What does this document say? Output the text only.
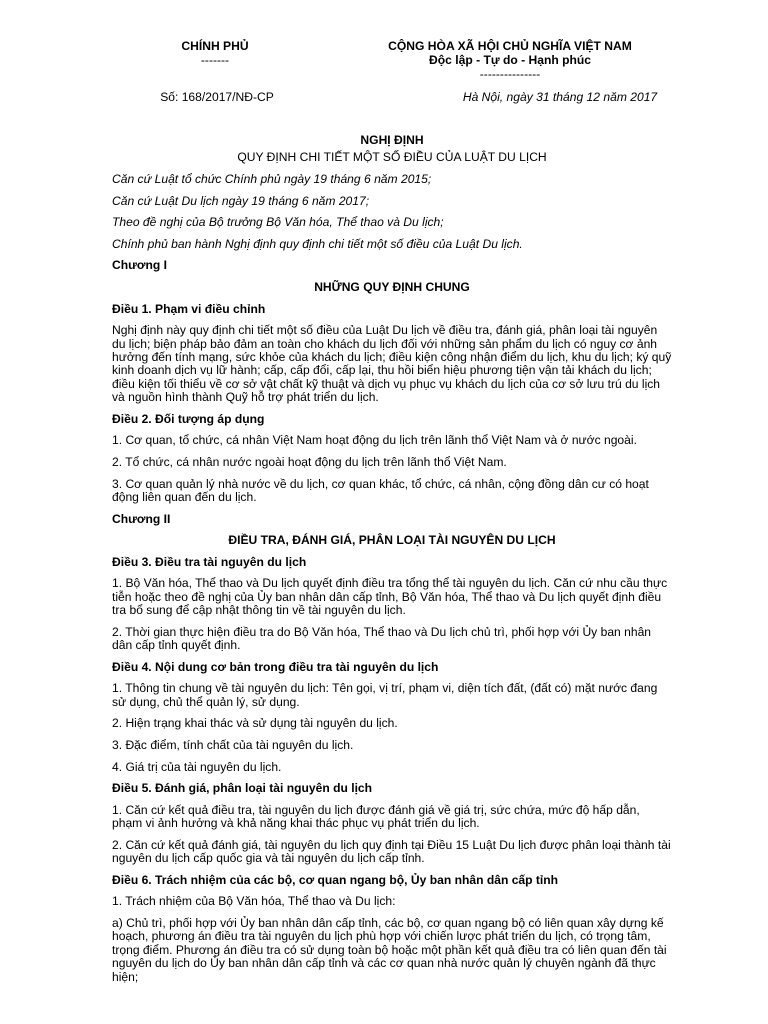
CHÍNH PHỦ
-------
Số: 168/2017/NĐ-CP
CỘNG HÒA XÃ HỘI CHỦ NGHĨA VIỆT NAM
Độc lập - Tự do - Hạnh phúc
---------------
Hà Nội, ngày 31 tháng 12 năm 2017
NGHỊ ĐỊNH
QUY ĐỊNH CHI TIẾT MỘT SỐ ĐIỀU CỦA LUẬT DU LỊCH
Căn cứ Luật tổ chức Chính phủ ngày 19 tháng 6 năm 2015;
Căn cứ Luật Du lịch ngày 19 tháng 6 năm 2017;
Theo đề nghị của Bộ trưởng Bộ Văn hóa, Thể thao và Du lịch;
Chính phủ ban hành Nghị định quy định chi tiết một số điều của Luật Du lịch.
Chương I
NHỮNG QUY ĐỊNH CHUNG
Điều 1. Phạm vi điều chỉnh
Nghị định này quy định chi tiết một số điều của Luật Du lịch về điều tra, đánh giá, phân loại tài nguyên du lịch; biện pháp bảo đảm an toàn cho khách du lịch đối với những sản phẩm du lịch có nguy cơ ảnh hưởng đến tính mạng, sức khỏe của khách du lịch; điều kiện công nhận điểm du lịch, khu du lịch; ký quỹ kinh doanh dịch vụ lữ hành; cấp, cấp đổi, cấp lại, thu hồi biển hiệu phương tiện vận tải khách du lịch; điều kiện tối thiểu về cơ sở vật chất kỹ thuật và dịch vụ phục vụ khách du lịch của cơ sở lưu trú du lịch và nguồn hình thành Quỹ hỗ trợ phát triển du lịch.
Điều 2. Đối tượng áp dụng
1. Cơ quan, tổ chức, cá nhân Việt Nam hoạt động du lịch trên lãnh thổ Việt Nam và ở nước ngoài.
2. Tổ chức, cá nhân nước ngoài hoạt động du lịch trên lãnh thổ Việt Nam.
3. Cơ quan quản lý nhà nước về du lịch, cơ quan khác, tổ chức, cá nhân, cộng đồng dân cư có hoạt động liên quan đến du lịch.
Chương II
ĐIỀU TRA, ĐÁNH GIÁ, PHÂN LOẠI TÀI NGUYÊN DU LỊCH
Điều 3. Điều tra tài nguyên du lịch
1. Bộ Văn hóa, Thể thao và Du lịch quyết định điều tra tổng thể tài nguyên du lịch. Căn cứ nhu cầu thực tiễn hoặc theo đề nghị của Ủy ban nhân dân cấp tỉnh, Bộ Văn hóa, Thể thao và Du lịch quyết định điều tra bổ sung để cập nhật thông tin về tài nguyên du lịch.
2. Thời gian thực hiện điều tra do Bộ Văn hóa, Thể thao và Du lịch chủ trì, phối hợp với Ủy ban nhân dân cấp tỉnh quyết định.
Điều 4. Nội dung cơ bản trong điều tra tài nguyên du lịch
1. Thông tin chung về tài nguyên du lịch: Tên gọi, vị trí, phạm vi, diện tích đất, (đất có) mặt nước đang sử dụng, chủ thể quản lý, sử dụng.
2. Hiện trạng khai thác và sử dụng tài nguyên du lịch.
3. Đặc điểm, tính chất của tài nguyên du lịch.
4. Giá trị của tài nguyên du lịch.
Điều 5. Đánh giá, phân loại tài nguyên du lịch
1. Căn cứ kết quả điều tra, tài nguyên du lịch được đánh giá về giá trị, sức chứa, mức độ hấp dẫn, phạm vi ảnh hưởng và khả năng khai thác phục vụ phát triển du lịch.
2. Căn cứ kết quả đánh giá, tài nguyên du lịch quy định tại Điều 15 Luật Du lịch được phân loại thành tài nguyên du lịch cấp quốc gia và tài nguyên du lịch cấp tỉnh.
Điều 6. Trách nhiệm của các bộ, cơ quan ngang bộ, Ủy ban nhân dân cấp tỉnh
1. Trách nhiệm của Bộ Văn hóa, Thể thao và Du lịch:
a) Chủ trì, phối hợp với Ủy ban nhân dân cấp tỉnh, các bộ, cơ quan ngang bộ có liên quan xây dựng kế hoạch, phương án điều tra tài nguyên du lịch phù hợp với chiến lược phát triển du lịch, có trọng tâm, trọng điểm. Phương án điều tra có sử dụng toàn bộ hoặc một phần kết quả điều tra có liên quan đến tài nguyên du lịch do Ủy ban nhân dân cấp tỉnh và các cơ quan nhà nước quản lý chuyên ngành đã thực hiện;
